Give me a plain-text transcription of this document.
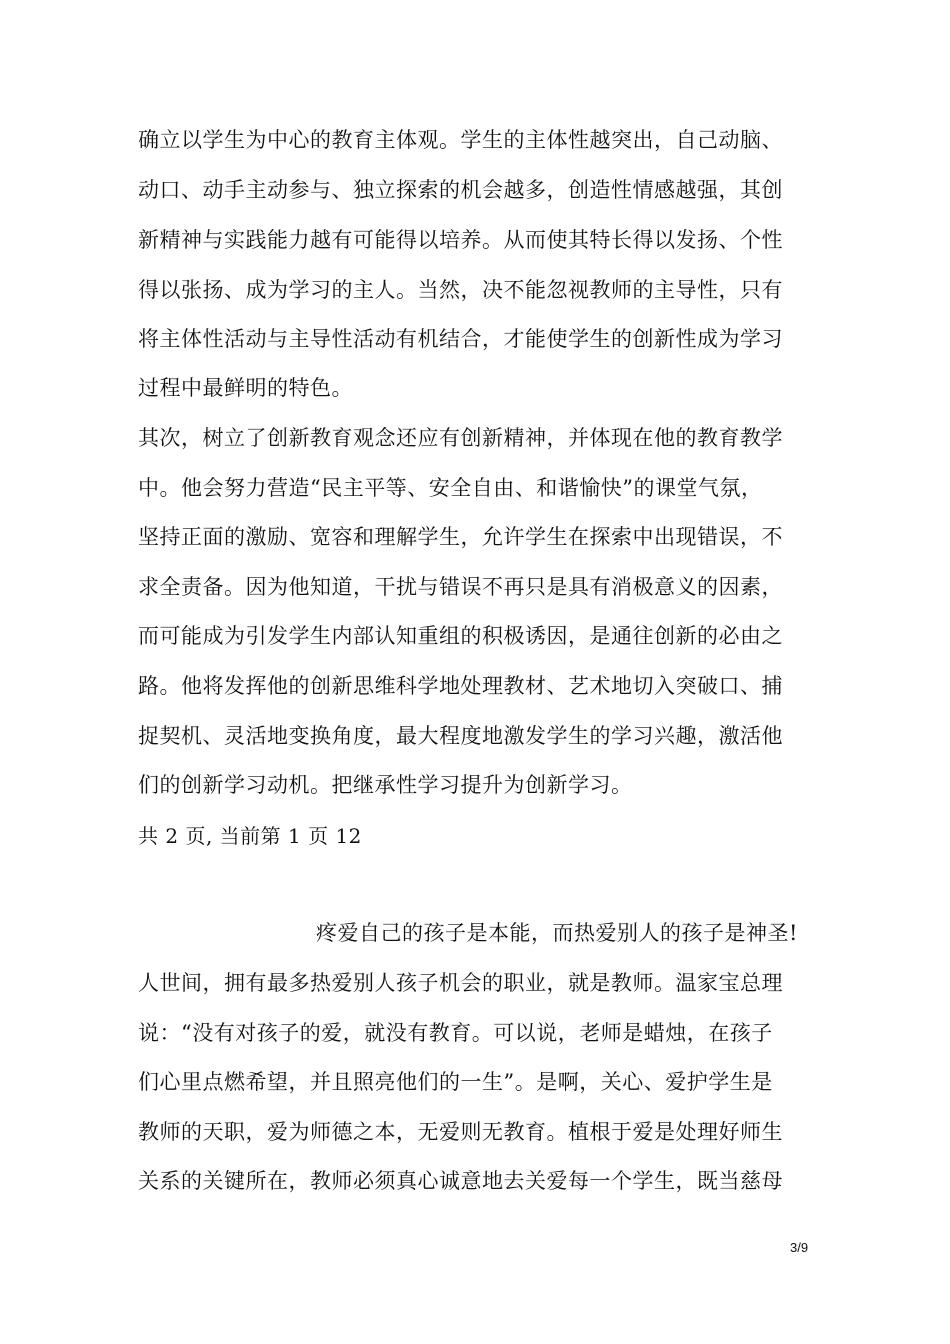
确立以学生为中心的教育主体观。学生的主体性越突出，自己动脑、
动口、动手主动参与、独立探索的机会越多，创造性情感越强，其创
新精神与实践能力越有可能得以培养。从而使其特长得以发扬、个性
得以张扬、成为学习的主人。当然，决不能忽视教师的主导性，只有
将主体性活动与主导性活动有机结合，才能使学生的创新性成为学习
过程中最鲜明的特色。
其次，树立了创新教育观念还应有创新精神，并体现在他的教育教学
中。他会努力营造“民主平等、安全自由、和谐愉快”的课堂气氛，
坚持正面的激励、宽容和理解学生，允许学生在探索中出现错误，不
求全责备。因为他知道，干扰与错误不再只是具有消极意义的因素，
而可能成为引发学生内部认知重组的积极诱因，是通往创新的必由之
路。他将发挥他的创新思维科学地处理教材、艺术地切入突破口、捕
捉契机、灵活地变换角度，最大程度地激发学生的学习兴趣，激活他
们的创新学习动机。把继承性学习提升为创新学习。
共 2 页, 当前第 1 页 12
疼爱自己的孩子是本能，而热爱别人的孩子是神圣!
人世间，拥有最多热爱别人孩子机会的职业，就是教师。温家宝总理
说：“没有对孩子的爱，就没有教育。可以说，老师是蜡烛，在孩子
们心里点燃希望，并且照亮他们的一生”。是啊，关心、爱护学生是
教师的天职，爱为师德之本，无爱则无教育。植根于爱是处理好师生
关系的关键所在，教师必须真心诚意地去关爱每一个学生，既当慈母
3/9
